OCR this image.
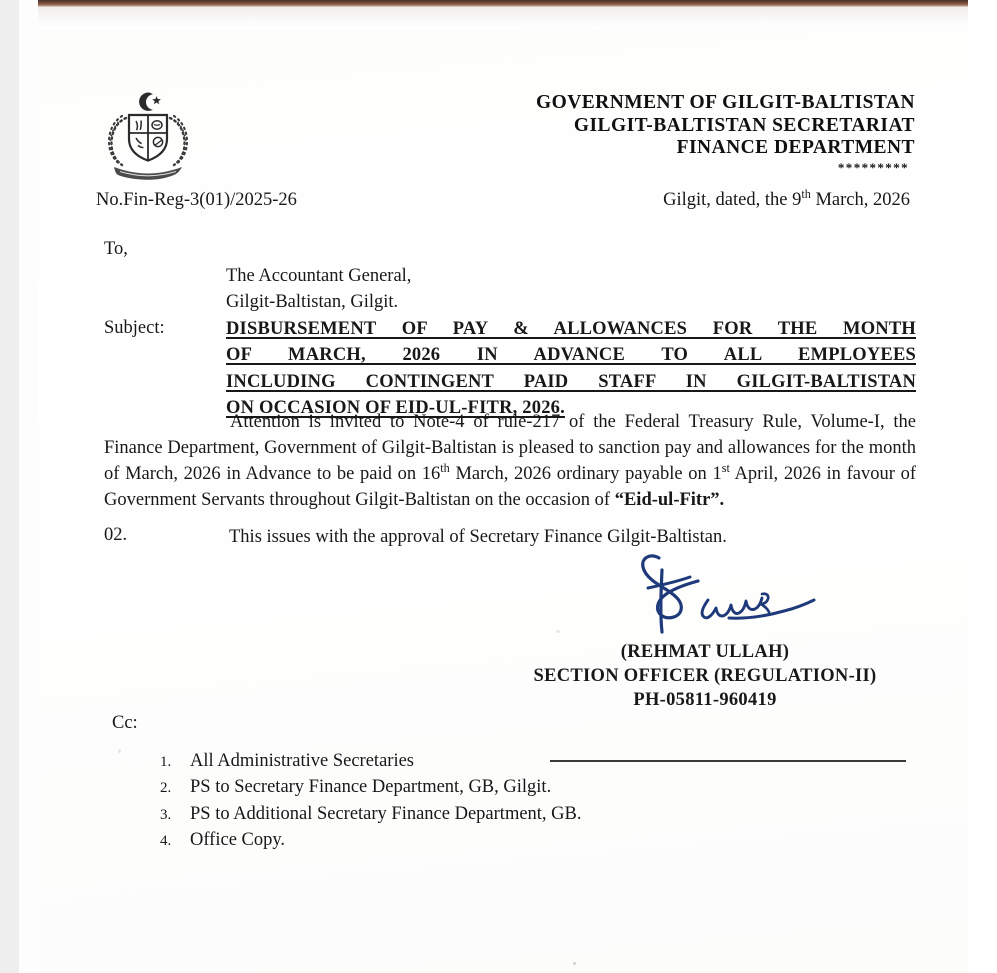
GOVERNMENT OF GILGIT-BALTISTAN
GILGIT-BALTISTAN SECRETARIAT
FINANCE DEPARTMENT
*********
No.Fin-Reg-3(01)/2025-26	Gilgit, dated, the 9th March, 2026
To,
The Accountant General,
Gilgit-Baltistan, Gilgit.
Subject:	DISBURSEMENT OF PAY & ALLOWANCES FOR THE MONTH
OF MARCH, 2026 IN ADVANCE TO ALL EMPLOYEES
INCLUDING CONTINGENT PAID STAFF IN GILGIT-BALTISTAN
ON OCCASION OF EID-UL-FITR, 2026.
Attention is invited to Note-4 of rule-217 of the Federal Treasury Rule, Volume-I, the Finance Department, Government of Gilgit-Baltistan is pleased to sanction pay and allowances for the month of March, 2026 in Advance to be paid on 16th March, 2026 ordinary payable on 1st April, 2026 in favour of Government Servants throughout Gilgit-Baltistan on the occasion of “Eid-ul-Fitr”.
02.	This issues with the approval of Secretary Finance Gilgit-Baltistan.
(REHMAT ULLAH)
SECTION OFFICER (REGULATION-II)
PH-05811-960419
Cc:
1.	All Administrative Secretaries
2.	PS to Secretary Finance Department, GB, Gilgit.
3.	PS to Additional Secretary Finance Department, GB.
4.	Office Copy.
